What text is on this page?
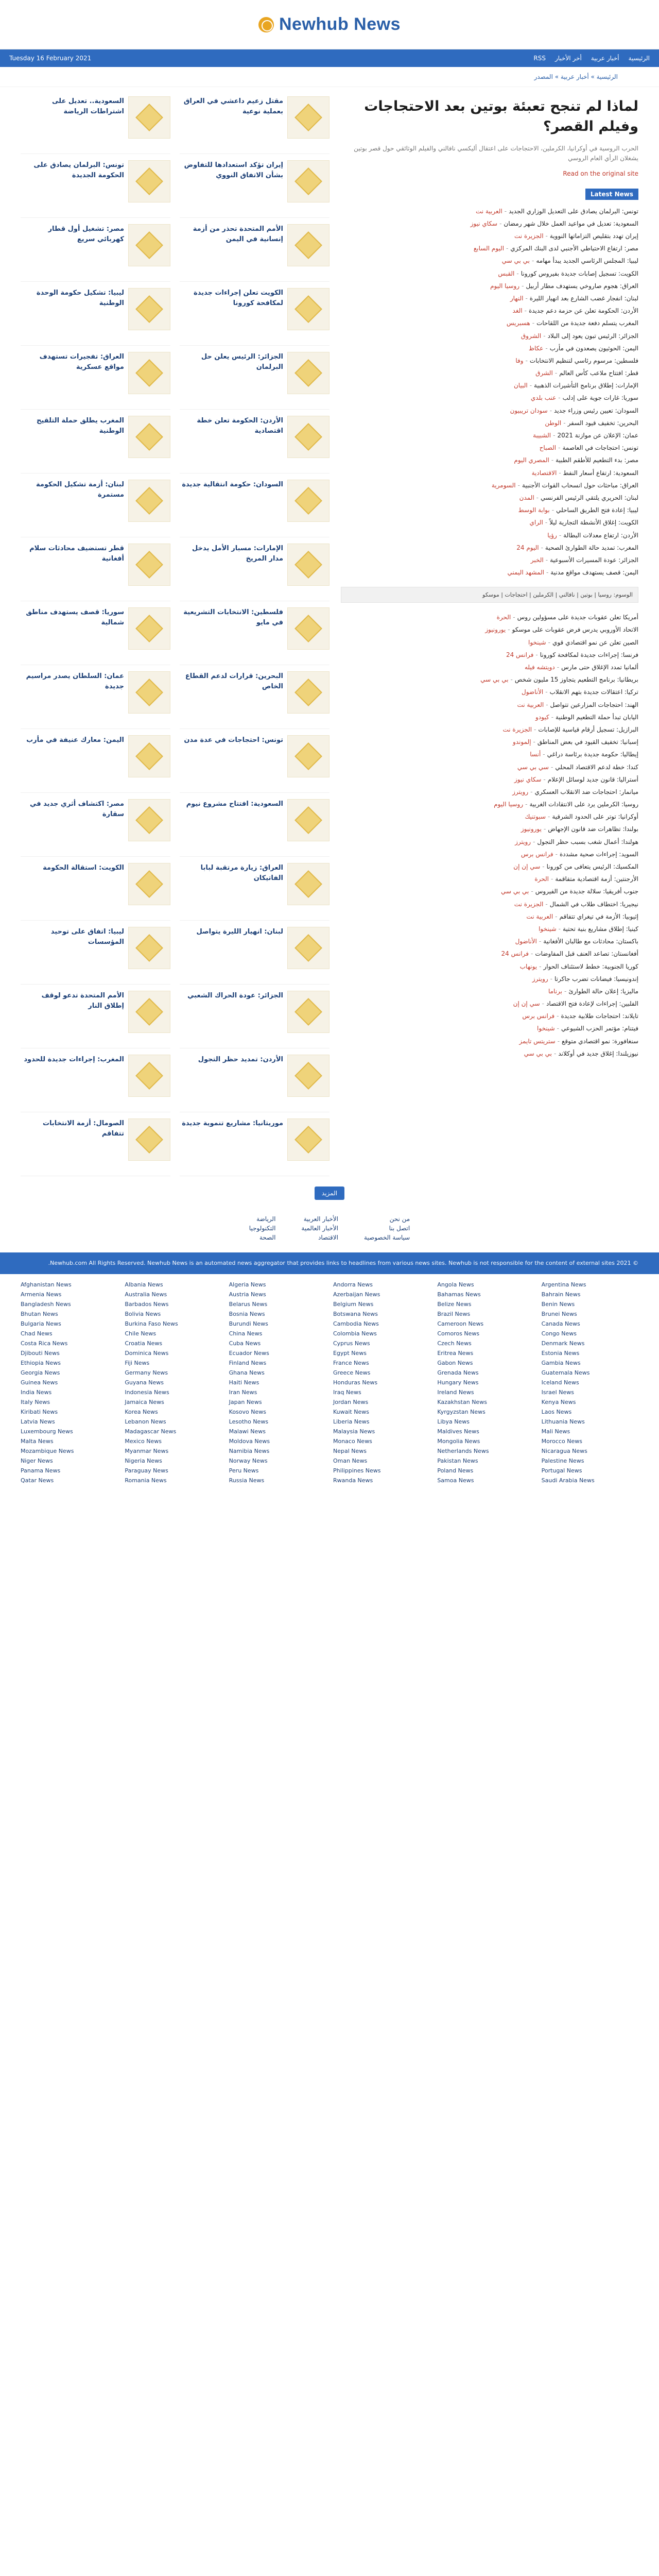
Newhub News
Tuesday 16 February 2021	الرئيسية
أخبار عربية
أخر الأخبار
RSS
الرئيسية » أخبار عربية » المصدر
السعودية.. تعديل على اشتراطات الرياضة
مقتل زعيم داعشي في العراق بعملية نوعية
تونس: البرلمان يصادق على الحكومة الجديدة
إيران تؤكد استعدادها للتفاوض بشأن الاتفاق النووي
مصر: تشغيل أول قطار كهربائي سريع
الأمم المتحدة تحذر من أزمة إنسانية في اليمن
ليبيا: تشكيل حكومة الوحدة الوطنية
الكويت تعلن إجراءات جديدة لمكافحة كورونا
العراق: تفجيرات تستهدف مواقع عسكرية
الجزائر: الرئيس يعلن حل البرلمان
المغرب يطلق حملة التلقيح الوطنية
الأردن: الحكومة تعلن خطة اقتصادية
لبنان: أزمة تشكيل الحكومة مستمرة
السودان: حكومة انتقالية جديدة
قطر تستضيف محادثات سلام أفغانية
الإمارات: مسبار الأمل يدخل مدار المريخ
سوريا: قصف يستهدف مناطق شمالية
فلسطين: الانتخابات التشريعية في مايو
عمان: السلطان يصدر مراسيم جديدة
البحرين: قرارات لدعم القطاع الخاص
اليمن: معارك عنيفة في مأرب	تونس: احتجاجات في عدة مدن
مصر: اكتشاف أثري جديد في سقارة
السعودية: افتتاح مشروع نيوم
الكويت: استقالة الحكومة	العراق: زيارة مرتقبة لبابا الفاتيكان
ليبيا: اتفاق على توحيد المؤسسات
لبنان: انهيار الليرة يتواصل
الأمم المتحدة تدعو لوقف إطلاق النار
الجزائر: عودة الحراك الشعبي
المغرب: إجراءات جديدة للحدود	الأردن: تمديد حظر التجول
الصومال: أزمة الانتخابات تتفاقم
موريتانيا: مشاريع تنموية جديدة
لماذا لم تنجح تعبئة بوتين بعد الاحتجاجات وفيلم القصر؟

الحرب الروسية في أوكرانيا، الكرملين، الاحتجاجات على اعتقال أليكسي نافالني والفيلم الوثائقي حول قصر بوتين يشغلان الرأي العام الروسي

Read on the original site
Latest News
تونس: البرلمان يصادق على التعديل الوزاري الجديد-العربية نت
السعودية: تعديل في مواعيد العمل خلال شهر رمضان-سكاي نيوز
إيران تهدد بتقليص التزاماتها النووية-الجزيرة نت
مصر: ارتفاع الاحتياطي الأجنبي لدى البنك المركزي-اليوم السابع
ليبيا: المجلس الرئاسي الجديد يبدأ مهامه-بي بي سي
الكويت: تسجيل إصابات جديدة بفيروس كورونا-القبس
العراق: هجوم صاروخي يستهدف مطار أربيل-روسيا اليوم
لبنان: انفجار غضب الشارع بعد انهيار الليرة-النهار
الأردن: الحكومة تعلن عن حزمة دعم جديدة-الغد
المغرب يتسلم دفعة جديدة من اللقاحات-هسبريس
الجزائر: الرئيس تبون يعود إلى البلاد-الشروق
اليمن: الحوثيون يصعدون في مأرب-عكاظ
فلسطين: مرسوم رئاسي لتنظيم الانتخابات-وفا
قطر: افتتاح ملاعب كأس العالم-الشرق
الإمارات: إطلاق برنامج التأشيرات الذهبية-البيان
سوريا: غارات جوية على إدلب-عنب بلدي
السودان: تعيين رئيس وزراء جديد-سودان تريبيون
البحرين: تخفيف قيود السفر-الوطن
عمان: الإعلان عن موازنة 2021-الشبيبة
تونس: احتجاجات في العاصمة-الصباح
مصر: بدء التطعيم للأطقم الطبية-المصري اليوم
السعودية: ارتفاع أسعار النفط-الاقتصادية
العراق: مباحثات حول انسحاب القوات الأجنبية-السومرية
لبنان: الحريري يلتقي الرئيس الفرنسي-المدن
ليبيا: إعادة فتح الطريق الساحلي-بوابة الوسط
الكويت: إغلاق الأنشطة التجارية ليلاً-الراي
الأردن: ارتفاع معدلات البطالة-رؤيا
المغرب: تمديد حالة الطوارئ الصحية-اليوم 24
الجزائر: عودة المسيرات الأسبوعية-الخبر
اليمن: قصف يستهدف مواقع مدنية-المشهد اليمني
الوسوم: روسيا | بوتين | نافالني | الكرملين | احتجاجات | موسكو
أمريكا تعلن عقوبات جديدة على مسؤولين روس-الحرة
الاتحاد الأوروبي يدرس فرض عقوبات على موسكو-يورونيوز
الصين تعلن عن نمو اقتصادي قوي-شينخوا
فرنسا: إجراءات جديدة لمكافحة كورونا-فرانس 24
ألمانيا تمدد الإغلاق حتى مارس-دويتشه فيله
بريطانيا: برنامج التطعيم يتجاوز 15 مليون شخص-بي بي سي
تركيا: اعتقالات جديدة بتهم الانقلاب-الأناضول
الهند: احتجاجات المزارعين تتواصل-العربية نت
اليابان تبدأ حملة التطعيم الوطنية-كيودو
البرازيل: تسجيل أرقام قياسية للإصابات-الجزيرة نت
إسبانيا: تخفيف القيود في بعض المناطق-إلموندو
إيطاليا: حكومة جديدة برئاسة دراغي-أنسا
كندا: خطة لدعم الاقتصاد المحلي-سي بي سي
أستراليا: قانون جديد لوسائل الإعلام-سكاي نيوز
ميانمار: احتجاجات ضد الانقلاب العسكري-رويترز
روسيا: الكرملين يرد على الانتقادات الغربية-روسيا اليوم
أوكرانيا: توتر على الحدود الشرقية-سبوتنيك
بولندا: تظاهرات ضد قانون الإجهاض-يورونيوز
هولندا: أعمال شغب بسبب حظر التجول-رويترز
السويد: إجراءات صحية مشددة-فرانس برس
المكسيك: الرئيس يتعافى من كورونا-سي إن إن
الأرجنتين: أزمة اقتصادية متفاقمة-الحرة
جنوب أفريقيا: سلالة جديدة من الفيروس-بي بي سي
نيجيريا: اختطاف طلاب في الشمال-الجزيرة نت
إثيوبيا: الأزمة في تيغراي تتفاقم-العربية نت
كينيا: إطلاق مشاريع بنية تحتية-شينخوا
باكستان: محادثات مع طالبان الأفغانية-الأناضول
أفغانستان: تصاعد العنف قبل المفاوضات-فرانس 24
كوريا الجنوبية: خطط لاستئناف الحوار-يونهاب
إندونيسيا: فيضانات تضرب جاكرتا-رويترز
ماليزيا: إعلان حالة الطوارئ-برناما
الفلبين: إجراءات لإعادة فتح الاقتصاد-سي إن إن
تايلاند: احتجاجات طلابية جديدة-فرانس برس
فيتنام: مؤتمر الحزب الشيوعي-شينخوا
سنغافورة: نمو اقتصادي متوقع-ستريتس تايمز
نيوزيلندا: إغلاق جديد في أوكلاند-بي بي سي
المزيد
من نحن
اتصل بنا
سياسة الخصوصية
الأخبار العربية
الأخبار العالمية
الاقتصاد
الرياضة
التكنولوجيا
الصحة
© 2021 Newhub.com All Rights Reserved. Newhub News is an automated news aggregator that provides links to headlines from various news sites. Newhub is not responsible for the content of external sites.
Afghanistan News	Albania News	Algeria News	Andorra News	Angola News	Argentina News
Armenia News	Australia News	Austria News	Azerbaijan News	Bahamas News	Bahrain News
Bangladesh News	Barbados News	Belarus News	Belgium News	Belize News	Benin News
Bhutan News	Bolivia News	Bosnia News	Botswana News	Brazil News	Brunei News
Bulgaria News	Burkina Faso News	Burundi News	Cambodia News	Cameroon News	Canada News
Chad News	Chile News	China News	Colombia News	Comoros News	Congo News
Costa Rica News	Croatia News	Cuba News	Cyprus News	Czech News	Denmark News
Djibouti News	Dominica News	Ecuador News	Egypt News	Eritrea News	Estonia News
Ethiopia News	Fiji News	Finland News	France News	Gabon News	Gambia News
Georgia News	Germany News	Ghana News	Greece News	Grenada News	Guatemala News
Guinea News	Guyana News	Haiti News	Honduras News	Hungary News	Iceland News
India News	Indonesia News	Iran News	Iraq News	Ireland News	Israel News
Italy News	Jamaica News	Japan News	Jordan News	Kazakhstan News	Kenya News
Kiribati News	Korea News	Kosovo News	Kuwait News	Kyrgyzstan News	Laos News
Latvia News	Lebanon News	Lesotho News	Liberia News	Libya News	Lithuania News
Luxembourg News	Madagascar News	Malawi News	Malaysia News	Maldives News	Mali News
Malta News	Mexico News	Moldova News	Monaco News	Mongolia News	Morocco News
Mozambique News	Myanmar News	Namibia News	Nepal News	Netherlands News	Nicaragua News
Niger News	Nigeria News	Norway News	Oman News	Pakistan News	Palestine News
Panama News	Paraguay News	Peru News	Philippines News	Poland News	Portugal News
Qatar News	Romania News	Russia News	Rwanda News	Samoa News	Saudi Arabia News
